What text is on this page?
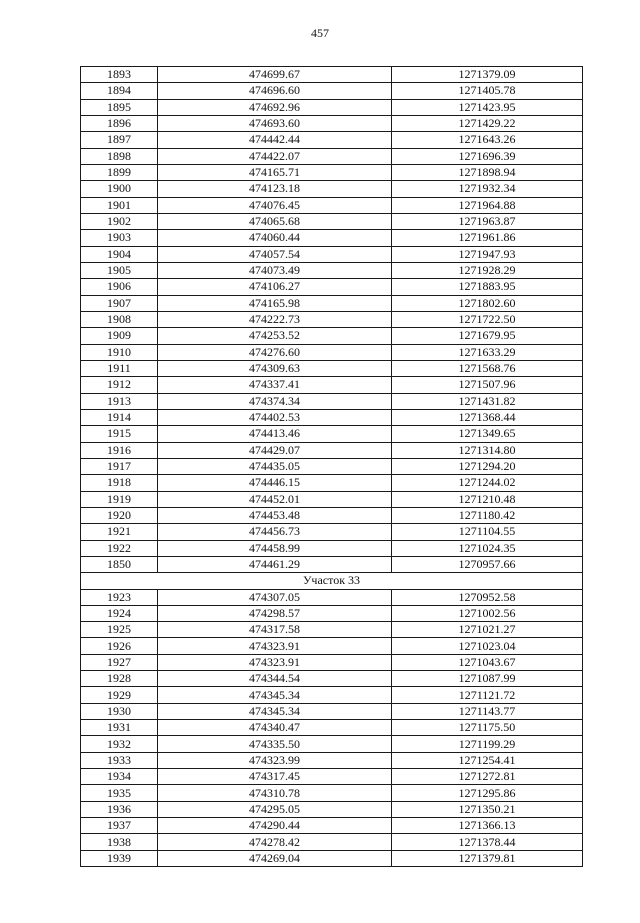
457
1893	474699.67	1271379.09
1894	474696.60	1271405.78
1895	474692.96	1271423.95
1896	474693.60	1271429.22
1897	474442.44	1271643.26
1898	474422.07	1271696.39
1899	474165.71	1271898.94
1900	474123.18	1271932.34
1901	474076.45	1271964.88
1902	474065.68	1271963.87
1903	474060.44	1271961.86
1904	474057.54	1271947.93
1905	474073.49	1271928.29
1906	474106.27	1271883.95
1907	474165.98	1271802.60
1908	474222.73	1271722.50
1909	474253.52	1271679.95
1910	474276.60	1271633.29
1911	474309.63	1271568.76
1912	474337.41	1271507.96
1913	474374.34	1271431.82
1914	474402.53	1271368.44
1915	474413.46	1271349.65
1916	474429.07	1271314.80
1917	474435.05	1271294.20
1918	474446.15	1271244.02
1919	474452.01	1271210.48
1920	474453.48	1271180.42
1921	474456.73	1271104.55
1922	474458.99	1271024.35
1850	474461.29	1270957.66
Участок 33		
1923	474307.05	1270952.58
1924	474298.57	1271002.56
1925	474317.58	1271021.27
1926	474323.91	1271023.04
1927	474323.91	1271043.67
1928	474344.54	1271087.99
1929	474345.34	1271121.72
1930	474345.34	1271143.77
1931	474340.47	1271175.50
1932	474335.50	1271199.29
1933	474323.99	1271254.41
1934	474317.45	1271272.81
1935	474310.78	1271295.86
1936	474295.05	1271350.21
1937	474290.44	1271366.13
1938	474278.42	1271378.44
1939	474269.04	1271379.81
